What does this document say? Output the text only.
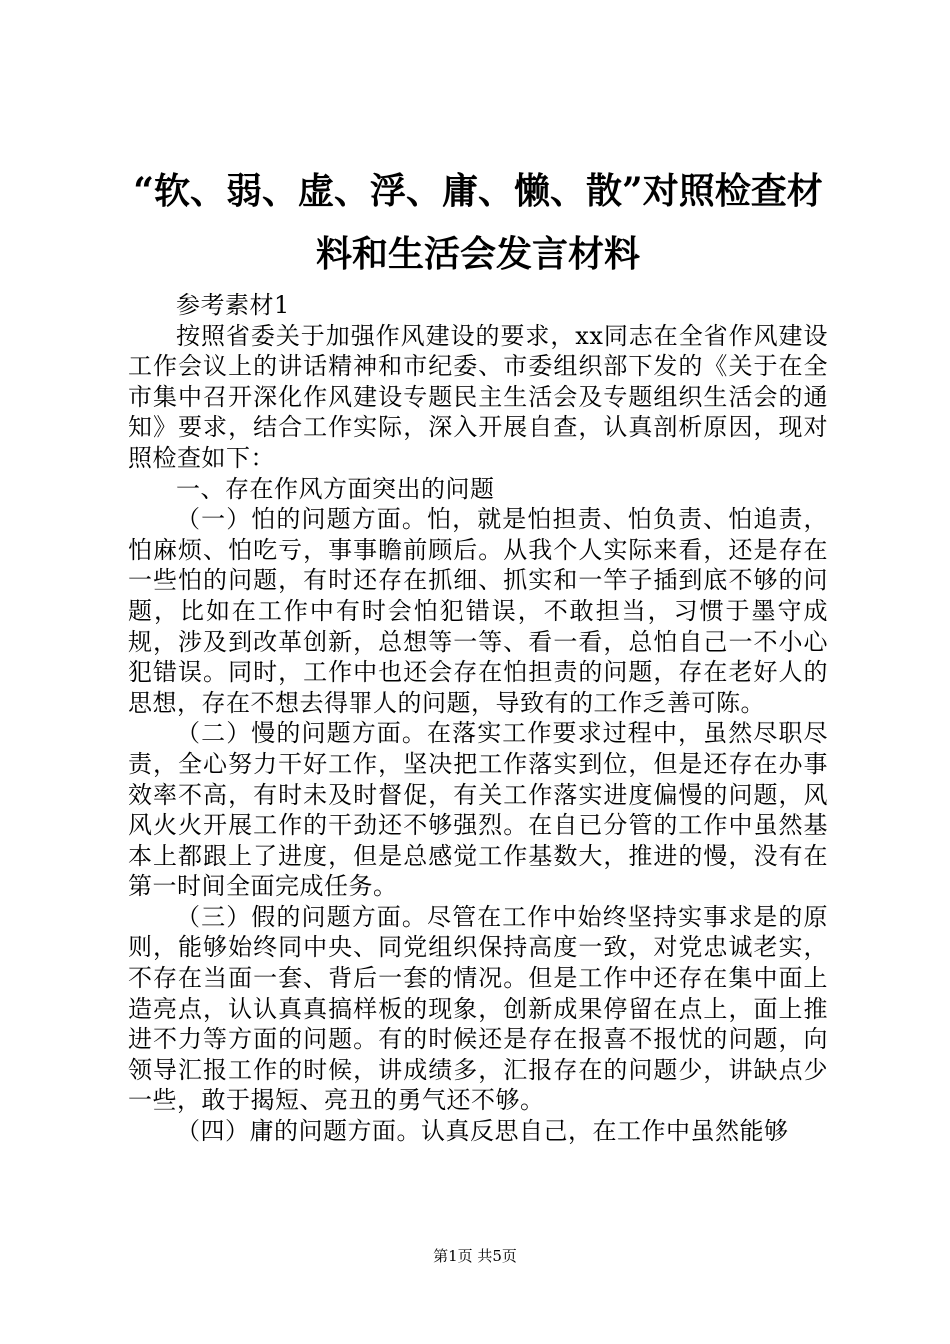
“软、弱、虚、浮、庸、懒、散”对照检查材
料和生活会发言材料

参考素材1

按照省委关于加强作风建设的要求，xx同志在全省作风建设工作会议上的讲话精神和市纪委、市委组织部下发的《关于在全市集中召开深化作风建设专题民主生活会及专题组织生活会的通知》要求，结合工作实际，深入开展自查，认真剖析原因，现对照检查如下：

一、存在作风方面突出的问题

（一）怕的问题方面。怕，就是怕担责、怕负责、怕追责，怕麻烦、怕吃亏，事事瞻前顾后。从我个人实际来看，还是存在一些怕的问题，有时还存在抓细、抓实和一竿子插到底不够的问题，比如在工作中有时会怕犯错误，不敢担当，习惯于墨守成规，涉及到改革创新，总想等一等、看一看，总怕自己一不小心犯错误。同时，工作中也还会存在怕担责的问题，存在老好人的思想，存在不想去得罪人的问题，导致有的工作乏善可陈。

（二）慢的问题方面。在落实工作要求过程中，虽然尽职尽责，全心努力干好工作，坚决把工作落实到位，但是还存在办事效率不高，有时未及时督促，有关工作落实进度偏慢的问题，风风火火开展工作的干劲还不够强烈。在自已分管的工作中虽然基本上都跟上了进度，但是总感觉工作基数大，推进的慢，没有在第一时间全面完成任务。

（三）假的问题方面。尽管在工作中始终坚持实事求是的原则，能够始终同中央、同党组织保持高度一致，对党忠诚老实，不存在当面一套、背后一套的情况。但是工作中还存在集中面上造亮点，认认真真搞样板的现象，创新成果停留在点上，面上推进不力等方面的问题。有的时候还是存在报喜不报忧的问题，向领导汇报工作的时候，讲成绩多，汇报存在的问题少，讲缺点少一些，敢于揭短、亮丑的勇气还不够。

（四）庸的问题方面。认真反思自己，在工作中虽然能够

第1页 共5页
